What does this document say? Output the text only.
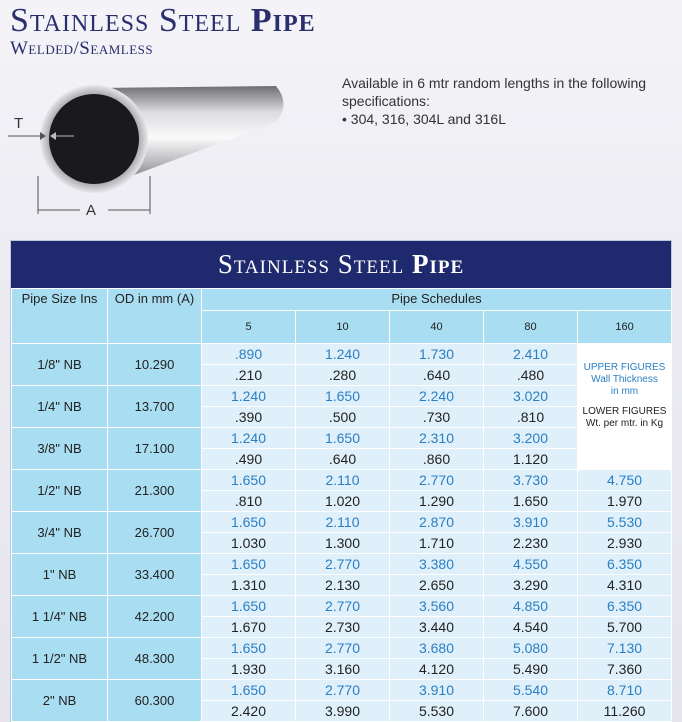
Stainless Steel Pipe
Welded/Seamless
T
A
Available in 6 mtr random lengths in the following specifications:
• 304, 316, 304L and 316L
Stainless Steel Pipe
Pipe Size Ins	OD in mm (A)	Pipe Schedules				
		5	10	40	80	160
1/8" NB	10.290	.890	1.240	1.730	2.410	UPPER FIGURES
Wall Thickness
in mm
LOWER FIGURES
Wt. per mtr. in Kg

		.210	.280	.640	.480	
1/4" NB	13.700	1.240	1.650	2.240	3.020	
		.390	.500	.730	.810	
3/8" NB	17.100	1.240	1.650	2.310	3.200	
		.490	.640	.860	1.120	
1/2" NB	21.300	1.650	2.110	2.770	3.730	4.750
		.810	1.020	1.290	1.650	1.970
3/4" NB	26.700	1.650	2.110	2.870	3.910	5.530
		1.030	1.300	1.710	2.230	2.930
1" NB	33.400	1.650	2.770	3.380	4.550	6.350
		1.310	2.130	2.650	3.290	4.310
1 1/4" NB	42.200	1.650	2.770	3.560	4.850	6.350
		1.670	2.730	3.440	4.540	5.700
1 1/2" NB	48.300	1.650	2.770	3.680	5.080	7.130
		1.930	3.160	4.120	5.490	7.360
2" NB	60.300	1.650	2.770	3.910	5.540	8.710
		2.420	3.990	5.530	7.600	11.260
